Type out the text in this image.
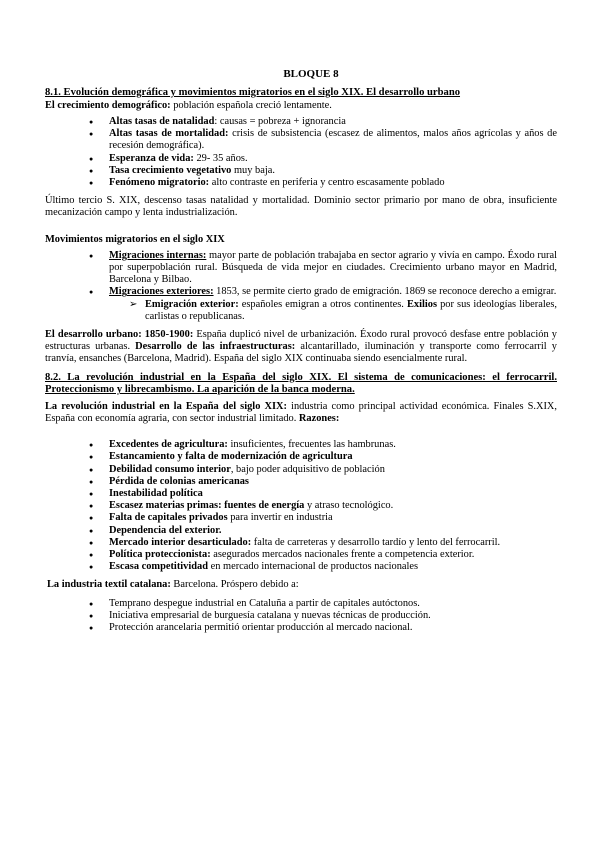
BLOQUE 8
8.1. Evolución demográfica y movimientos migratorios en el siglo XIX. El desarrollo urbano

El crecimiento demográfico: población española creció lentamente.

● Altas tasas de natalidad: causas = pobreza + ignorancia
● Altas tasas de mortalidad: crisis de subsistencia (escasez de alimentos, malos años agrícolas y años de recesión demográfica).
● Esperanza de vida: 29- 35 años.
● Tasa crecimiento vegetativo muy baja.
● Fenómeno migratorio: alto contraste en periferia y centro escasamente poblado

Último tercio S. XIX, descenso tasas natalidad y mortalidad. Dominio sector primario por mano de obra, insuficiente mecanización campo y lenta industrialización.

Movimientos migratorios en el siglo XIX

● Migraciones internas: mayor parte de población trabajaba en sector agrario y vivía en campo. Éxodo rural por superpoblación rural. Búsqueda de vida mejor en ciudades. Crecimiento urbano mayor en Madrid, Barcelona y Bilbao.
● Migraciones exteriores: 1853, se permite cierto grado de emigración. 1869 se reconoce derecho a emigrar.
➢ Emigración exterior: españoles emigran a otros continentes. Exilios por sus ideologías liberales, carlistas o republicanas.

El desarrollo urbano: 1850-1900: España duplicó nivel de urbanización. Éxodo rural provocó desfase entre población y estructuras urbanas. Desarrollo de las infraestructuras: alcantarillado, iluminación y transporte como ferrocarril y tranvía, ensanches (Barcelona, Madrid). España del siglo XIX continuaba siendo esencialmente rural.

8.2. La revolución industrial en la España del siglo XIX. El sistema de comunicaciones: el ferrocarril. Proteccionismo y librecambismo. La aparición de la banca moderna.

La revolución industrial en la España del siglo XIX: industria como principal actividad económica. Finales S.XIX, España con economía agraria, con sector industrial limitado. Razones:

● Excedentes de agricultura: insuficientes, frecuentes las hambrunas.
● Estancamiento y falta de modernización de agricultura
● Debilidad consumo interior, bajo poder adquisitivo de población
● Pérdida de colonias americanas
● Inestabilidad política
● Escasez materias primas: fuentes de energía y atraso tecnológico.
● Falta de capitales privados para invertir en industria
● Dependencia del exterior.
● Mercado interior desarticulado: falta de carreteras y desarrollo tardío y lento del ferrocarril.
● Política proteccionista: asegurados mercados nacionales frente a competencia exterior.
● Escasa competitividad en mercado internacional de productos nacionales

La industria textil catalana: Barcelona. Próspero debido a:

● Temprano despegue industrial en Cataluña a partir de capitales autóctonos.
● Iniciativa empresarial de burguesía catalana y nuevas técnicas de producción.
● Protección arancelaria permitió orientar producción al mercado nacional.
